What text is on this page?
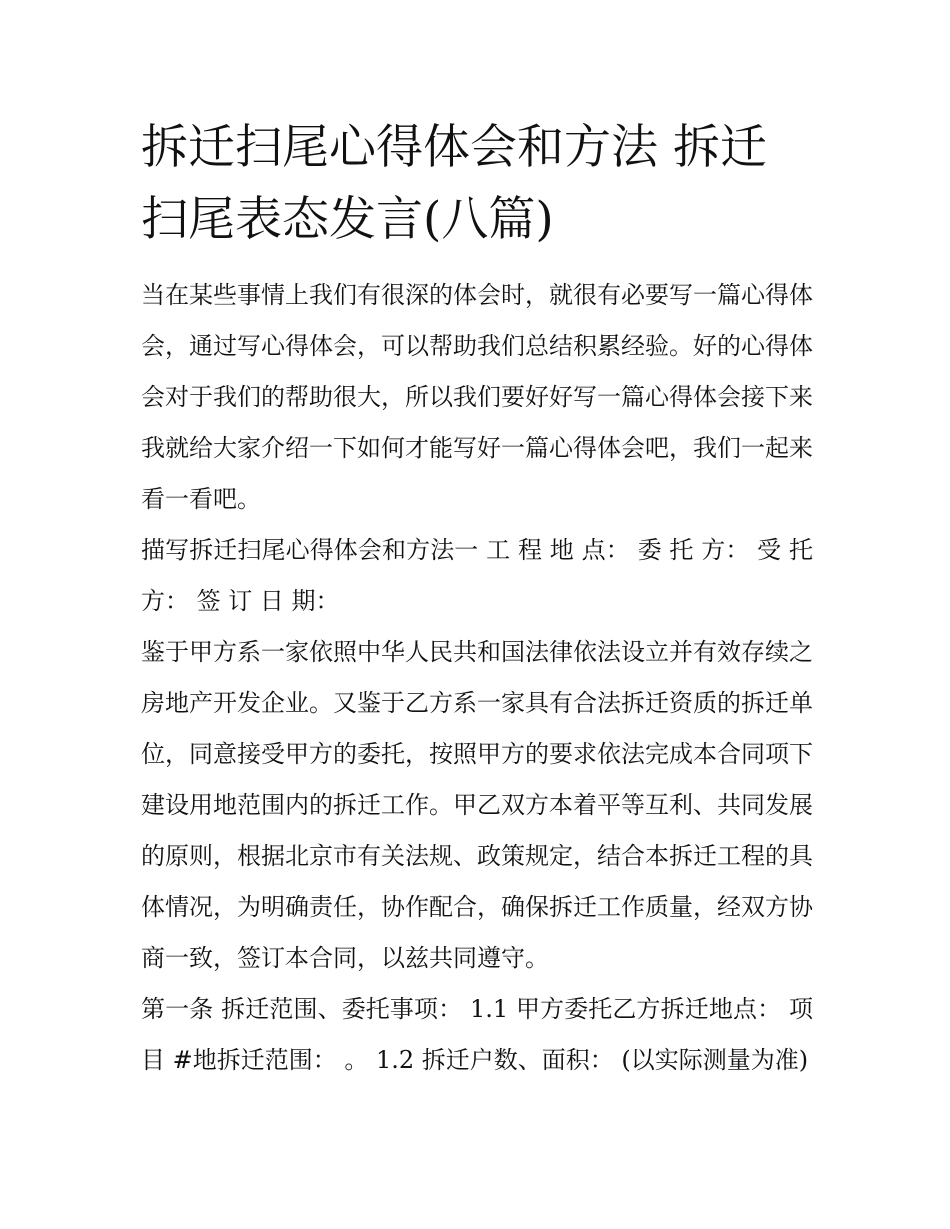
拆迁扫尾心得体会和方法 拆迁扫尾表态发言(八篇)

当在某些事情上我们有很深的体会时，就很有必要写一篇心得体会，通过写心得体会，可以帮助我们总结积累经验。好的心得体会对于我们的帮助很大，所以我们要好好写一篇心得体会接下来我就给大家介绍一下如何才能写好一篇心得体会吧，我们一起来看一看吧。

描写拆迁扫尾心得体会和方法一 工 程 地 点： 委 托 方： 受 托 方： 签 订 日 期：

鉴于甲方系一家依照中华人民共和国法律依法设立并有效存续之房地产开发企业。又鉴于乙方系一家具有合法拆迁资质的拆迁单位，同意接受甲方的委托，按照甲方的要求依法完成本合同项下建设用地范围内的拆迁工作。甲乙双方本着平等互利、共同发展的原则，根据北京市有关法规、政策规定，结合本拆迁工程的具体情况，为明确责任，协作配合，确保拆迁工作质量，经双方协商一致，签订本合同，以兹共同遵守。

第一条 拆迁范围、委托事项： 1.1 甲方委托乙方拆迁地点： 项目 #地拆迁范围： 。 1.2 拆迁户数、面积： (以实际测量为准)
